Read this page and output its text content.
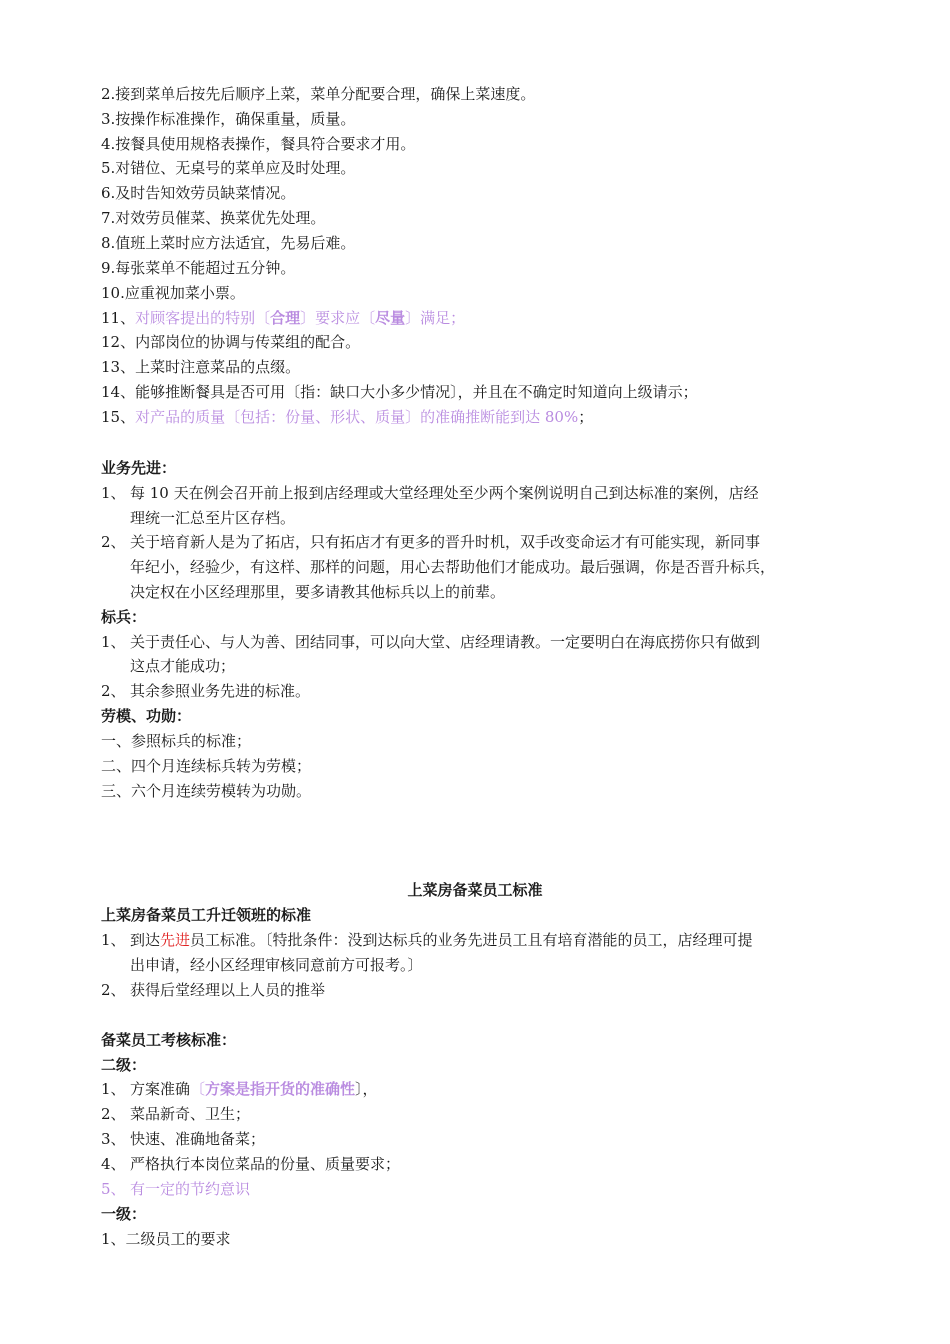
2.接到菜单后按先后顺序上菜，菜单分配要合理，确保上菜速度。
3.按操作标准操作，确保重量，质量。
4.按餐具使用规格表操作，餐具符合要求才用。
5.对错位、无桌号的菜单应及时处理。
6.及时告知效劳员缺菜情况。
7.对效劳员催菜、换菜优先处理。
8.值班上菜时应方法适宜，先易后难。
9.每张菜单不能超过五分钟。
10.应重视加菜小票。
11、对顾客提出的特别〔合理〕要求应〔尽量〕满足；
12、内部岗位的协调与传菜组的配合。
13、上菜时注意菜品的点缀。
14、能够推断餐具是否可用〔指：缺口大小多少情况〕，并且在不确定时知道向上级请示；
15、对产品的质量〔包括：份量、形状、质量〕的准确推断能到达 80%；
业务先进：
1、 每 10 天在例会召开前上报到店经理或大堂经理处至少两个案例说明自己到达标准的案例，店经
理统一汇总至片区存档。
2、 关于培育新人是为了拓店，只有拓店才有更多的晋升时机，双手改变命运才有可能实现，新同事
年纪小，经验少，有这样、那样的问题，用心去帮助他们才能成功。最后强调，你是否晋升标兵，
决定权在小区经理那里，要多请教其他标兵以上的前辈。
标兵：
1、 关于责任心、与人为善、团结同事，可以向大堂、店经理请教。一定要明白在海底捞你只有做到
这点才能成功；
2、 其余参照业务先进的标准。
劳模、功勋：
一、参照标兵的标准；
二、四个月连续标兵转为劳模；
三、六个月连续劳模转为功勋。
上菜房备菜员工标准
上菜房备菜员工升迁领班的标准
1、 到达先进员工标准。〔特批条件：没到达标兵的业务先进员工且有培育潜能的员工，店经理可提
出申请，经小区经理审核同意前方可报考。〕
2、 获得后堂经理以上人员的推举
备菜员工考核标准：
二级：
1、 方案准确〔方案是指开货的准确性〕，
2、 菜品新奇、卫生；
3、 快速、准确地备菜；
4、 严格执行本岗位菜品的份量、质量要求；
5、 有一定的节约意识
一级：
1、二级员工的要求
